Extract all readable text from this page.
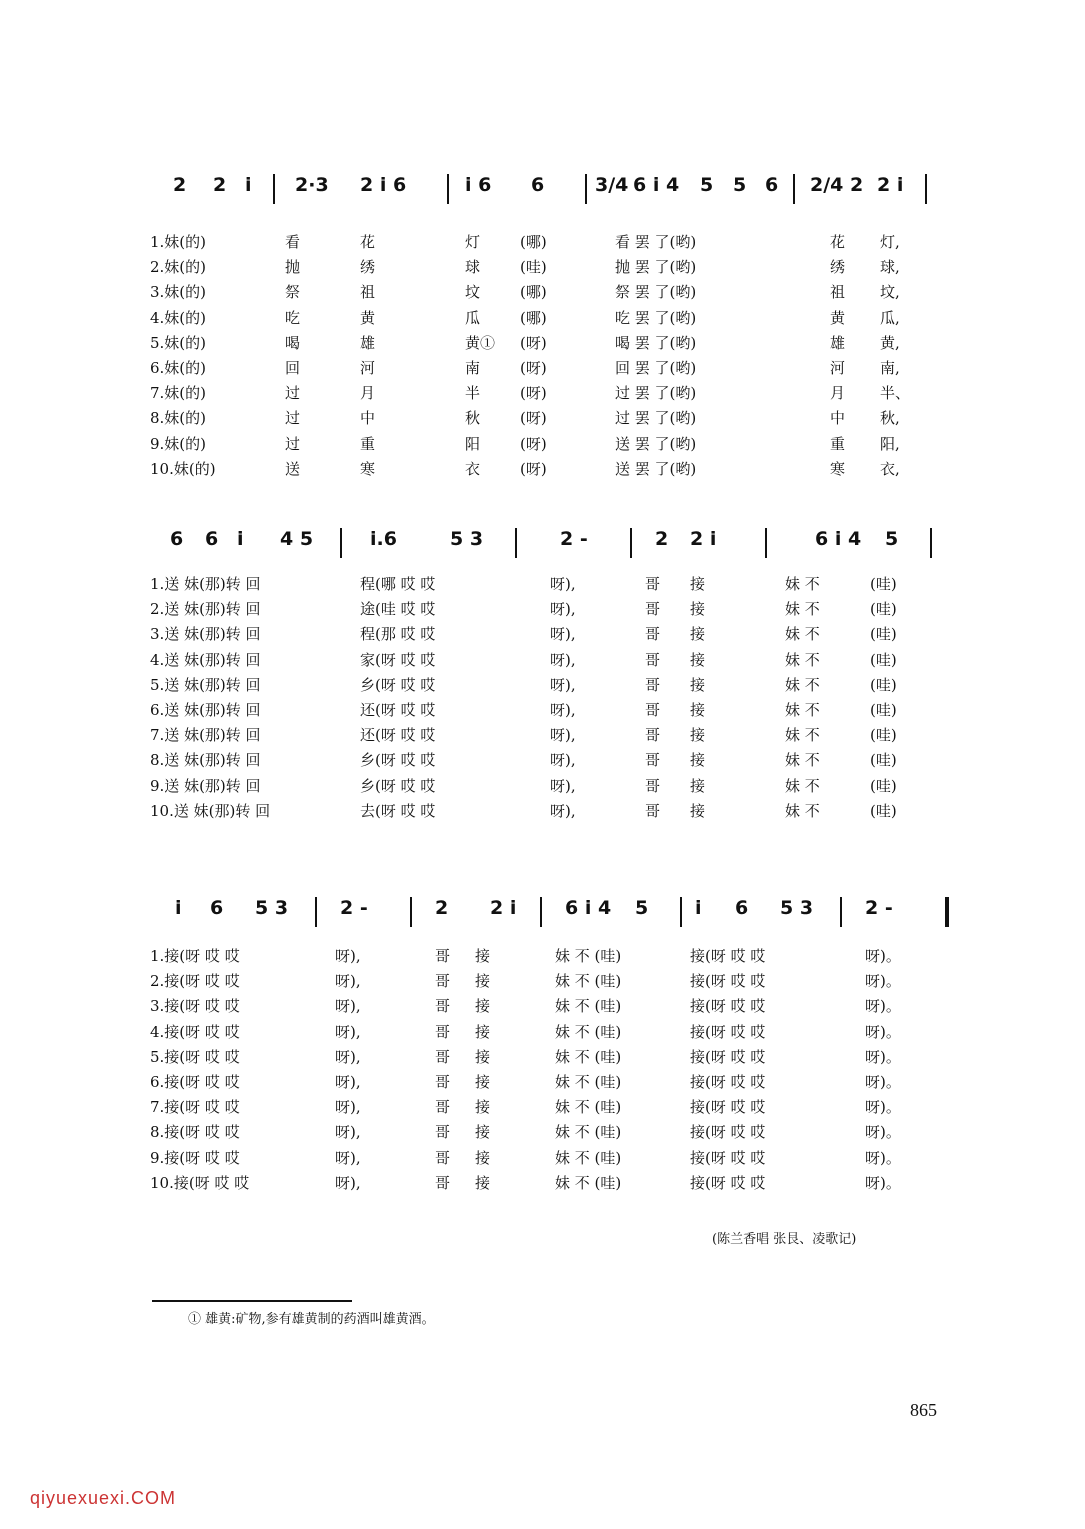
2 2 i 2·3 2 i 6	i 6 6	3/4 6 i 4 5 5 6 2/4 2 2 i
1.妹(的)	看	花	灯	(哪)	看 罢 了(哟)	花 灯,
2.妹(的)	抛	绣	球	(哇)	抛 罢 了(哟)	绣 球,
3.妹(的)	祭	祖	坟	(哪)	祭 罢 了(哟)	祖 坟,
4.妹(的)	吃	黄	瓜	(哪)	吃 罢 了(哟)	黄 瓜,
5.妹(的)	喝	雄	黄① (呀)	喝 罢 了(哟)	雄 黄,
6.妹(的)	回	河	南	(呀)	回 罢 了(哟)	河 南,
7.妹(的)	过	月	半	(呀)	过 罢 了(哟)	月 半、
8.妹(的)	过	中	秋	(呀)	过 罢 了(哟)	中 秋,
9.妹(的)	过	重	阳	(呀)	送 罢 了(哟)	重 阳,
10.妹(的)	送	寒	衣	(呀)	送 罢 了(哟)	寒 衣,
6 6 i 4 5	i.6	5 3	2 -	2 2 i	6 i 4 5
1.送 妹(那)转 回	程(哪 哎 哎	呀),	哥 接	妹 不	(哇)
2.送 妹(那)转 回	途(哇 哎 哎	呀),	哥 接	妹 不	(哇)
3.送 妹(那)转 回	程(那 哎 哎	呀),	哥 接	妹 不	(哇)
4.送 妹(那)转 回	家(呀 哎 哎	呀),	哥 接	妹 不	(哇)
5.送 妹(那)转 回	乡(呀 哎 哎	呀),	哥 接	妹 不	(哇)
6.送 妹(那)转 回	还(呀 哎 哎	呀),	哥 接	妹 不	(哇)
7.送 妹(那)转 回	还(呀 哎 哎	呀),	哥 接	妹 不	(哇)
8.送 妹(那)转 回	乡(呀 哎 哎	呀),	哥 接	妹 不	(哇)
9.送 妹(那)转 回	乡(呀 哎 哎	呀),	哥 接	妹 不	(哇)
10.送 妹(那)转 回	去(呀 哎 哎	呀),	哥 接	妹 不	(哇)
i 6 5 3	2 -	2 2 i	6 i 4 5 i 6 5 3	2 -
1.接(呀 哎 哎	呀),	哥 接	妹 不 (哇)	接(呀 哎 哎	呀)。
2.接(呀 哎 哎	呀),	哥 接	妹 不 (哇)	接(呀 哎 哎	呀)。
3.接(呀 哎 哎	呀),	哥 接	妹 不 (哇)	接(呀 哎 哎	呀)。
4.接(呀 哎 哎	呀),	哥 接	妹 不 (哇)	接(呀 哎 哎	呀)。
5.接(呀 哎 哎	呀),	哥 接	妹 不 (哇)	接(呀 哎 哎	呀)。
6.接(呀 哎 哎	呀),	哥 接	妹 不 (哇)	接(呀 哎 哎	呀)。
7.接(呀 哎 哎	呀),	哥 接	妹 不 (哇)	接(呀 哎 哎	呀)。
8.接(呀 哎 哎	呀),	哥 接	妹 不 (哇)	接(呀 哎 哎	呀)。
9.接(呀 哎 哎	呀),	哥 接	妹 不 (哇)	接(呀 哎 哎	呀)。
10.接(呀 哎 哎	呀),	哥 接	妹 不 (哇)	接(呀 哎 哎	呀)。
(陈兰香唱 张艮、凌歌记)
① 雄黄:矿物,参有雄黄制的药酒叫雄黄酒。
865
qiyuexuexi.COM
